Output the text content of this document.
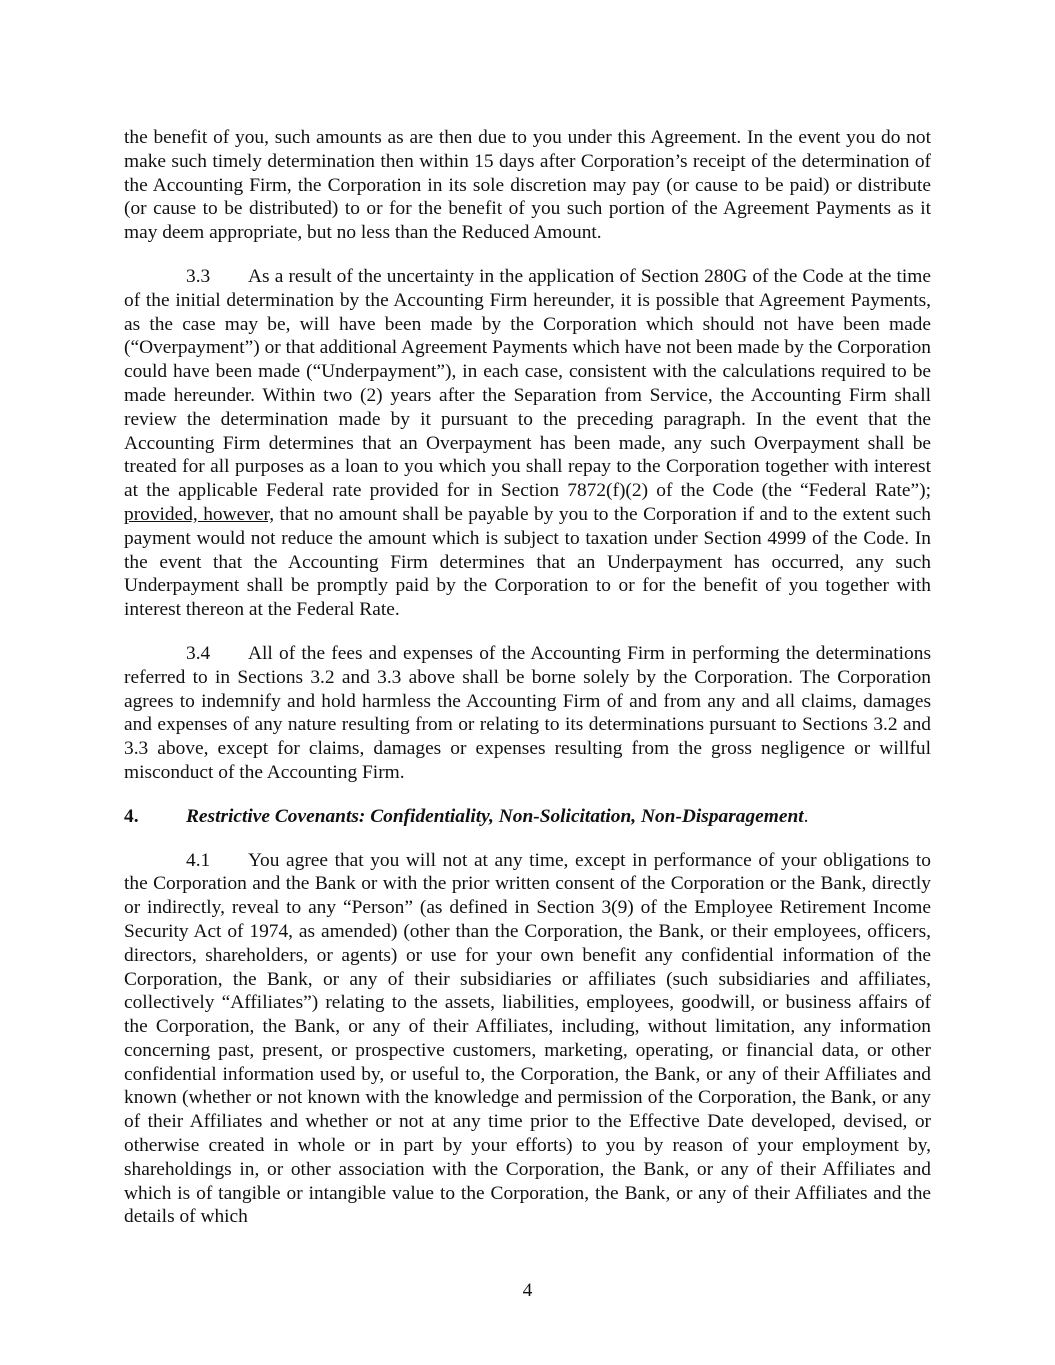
the benefit of you, such amounts as are then due to you under this Agreement. In the event you do not make such timely determination then within 15 days after Corporation’s receipt of the determination of the Accounting Firm, the Corporation in its sole discretion may pay (or cause to be paid) or distribute (or cause to be distributed) to or for the benefit of you such portion of the Agreement Payments as it may deem appropriate, but no less than the Reduced Amount.

3.3 As a result of the uncertainty in the application of Section 280G of the Code at the time of the initial determination by the Accounting Firm hereunder, it is possible that Agreement Payments, as the case may be, will have been made by the Corporation which should not have been made (“Overpayment”) or that additional Agreement Payments which have not been made by the Corporation could have been made (“Underpayment”), in each case, consistent with the calculations required to be made hereunder. Within two (2) years after the Separation from Service, the Accounting Firm shall review the determination made by it pursuant to the preceding paragraph. In the event that the Accounting Firm determines that an Overpayment has been made, any such Overpayment shall be treated for all purposes as a loan to you which you shall repay to the Corporation together with interest at the applicable Federal rate provided for in Section 7872(f)(2) of the Code (the “Federal Rate”); provided, however, that no amount shall be payable by you to the Corporation if and to the extent such payment would not reduce the amount which is subject to taxation under Section 4999 of the Code. In the event that the Accounting Firm determines that an Underpayment has occurred, any such Underpayment shall be promptly paid by the Corporation to or for the benefit of you together with interest thereon at the Federal Rate.

3.4 All of the fees and expenses of the Accounting Firm in performing the determinations referred to in Sections 3.2 and 3.3 above shall be borne solely by the Corporation. The Corporation agrees to indemnify and hold harmless the Accounting Firm of and from any and all claims, damages and expenses of any nature resulting from or relating to its determinations pursuant to Sections 3.2 and 3.3 above, except for claims, damages or expenses resulting from the gross negligence or willful misconduct of the Accounting Firm.

4. Restrictive Covenants: Confidentiality, Non-Solicitation, Non-Disparagement.

4.1 You agree that you will not at any time, except in performance of your obligations to the Corporation and the Bank or with the prior written consent of the Corporation or the Bank, directly or indirectly, reveal to any “Person” (as defined in Section 3(9) of the Employee Retirement Income Security Act of 1974, as amended) (other than the Corporation, the Bank, or their employees, officers, directors, shareholders, or agents) or use for your own benefit any confidential information of the Corporation, the Bank, or any of their subsidiaries or affiliates (such subsidiaries and affiliates, collectively “Affiliates”) relating to the assets, liabilities, employees, goodwill, or business affairs of the Corporation, the Bank, or any of their Affiliates, including, without limitation, any information concerning past, present, or prospective customers, marketing, operating, or financial data, or other confidential information used by, or useful to, the Corporation, the Bank, or any of their Affiliates and known (whether or not known with the knowledge and permission of the Corporation, the Bank, or any of their Affiliates and whether or not at any time prior to the Effective Date developed, devised, or otherwise created in whole or in part by your efforts) to you by reason of your employment by, shareholdings in, or other association with the Corporation, the Bank, or any of their Affiliates and which is of tangible or intangible value to the Corporation, the Bank, or any of their Affiliates and the details of which

4
